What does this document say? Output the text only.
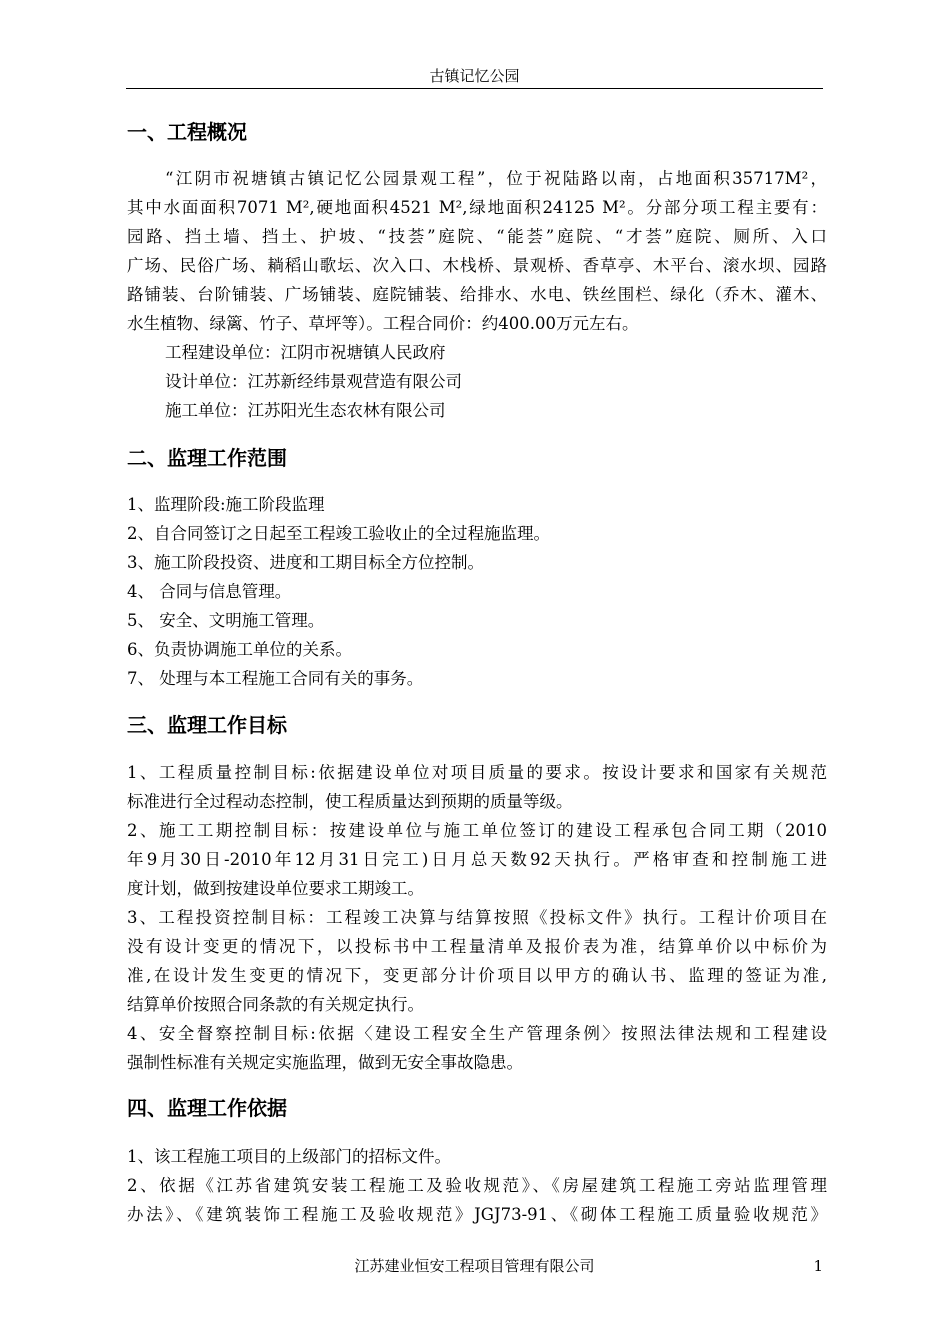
古镇记忆公园
一、工程概况
“江阴市祝塘镇古镇记忆公园景观工程”，位于祝陆路以南，占地面积35717M²，
其中水面面积7071 M²,硬地面积4521 M²,绿地面积24125 M²。分部分项工程主要有：
园路、挡土墙、挡土、护坡、“技荟”庭院、“能荟”庭院、“才荟”庭院、厕所、入口
广场、民俗广场、耥稻山歌坛、次入口、木栈桥、景观桥、香草亭、木平台、滚水坝、园路
路铺装、台阶铺装、广场铺装、庭院铺装、给排水、水电、铁丝围栏、绿化（乔木、灌木、
水生植物、绿篱、竹子、草坪等）。工程合同价：约400.00万元左右。
工程建设单位：江阴市祝塘镇人民政府
设计单位：江苏新经纬景观营造有限公司
施工单位：江苏阳光生态农林有限公司
二、监理工作范围
1、监理阶段:施工阶段监理
2、自合同签订之日起至工程竣工验收止的全过程施监理。
3、施工阶段投资、进度和工期目标全方位控制。
4、 合同与信息管理。
5、 安全、文明施工管理。
6、负责协调施工单位的关系。
7、 处理与本工程施工合同有关的事务。
三、监理工作目标
1、工程质量控制目标:依据建设单位对项目质量的要求。按设计要求和国家有关规范
标准进行全过程动态控制，使工程质量达到预期的质量等级。
2、施工工期控制目标：按建设单位与施工单位签订的建设工程承包合同工期（2010
年9月30日-2010年12月31日完工)日月总天数92天执行。严格审查和控制施工进
度计划，做到按建设单位要求工期竣工。
3、工程投资控制目标：工程竣工决算与结算按照《投标文件》执行。工程计价项目在
没有设计变更的情况下，以投标书中工程量清单及报价表为准，结算单价以中标价为
准,在设计发生变更的情况下，变更部分计价项目以甲方的确认书、监理的签证为准,
结算单价按照合同条款的有关规定执行。
4、安全督察控制目标:依据〈建设工程安全生产管理条例〉按照法律法规和工程建设
强制性标准有关规定实施监理，做到无安全事故隐患。
四、监理工作依据
1、该工程施工项目的上级部门的招标文件。
2、依据《江苏省建筑安装工程施工及验收规范》、《房屋建筑工程施工旁站监理管理
办法》、《建筑装饰工程施工及验收规范》JGJ73-91、《砌体工程施工质量验收规范》
江苏建业恒安工程项目管理有限公司	1
